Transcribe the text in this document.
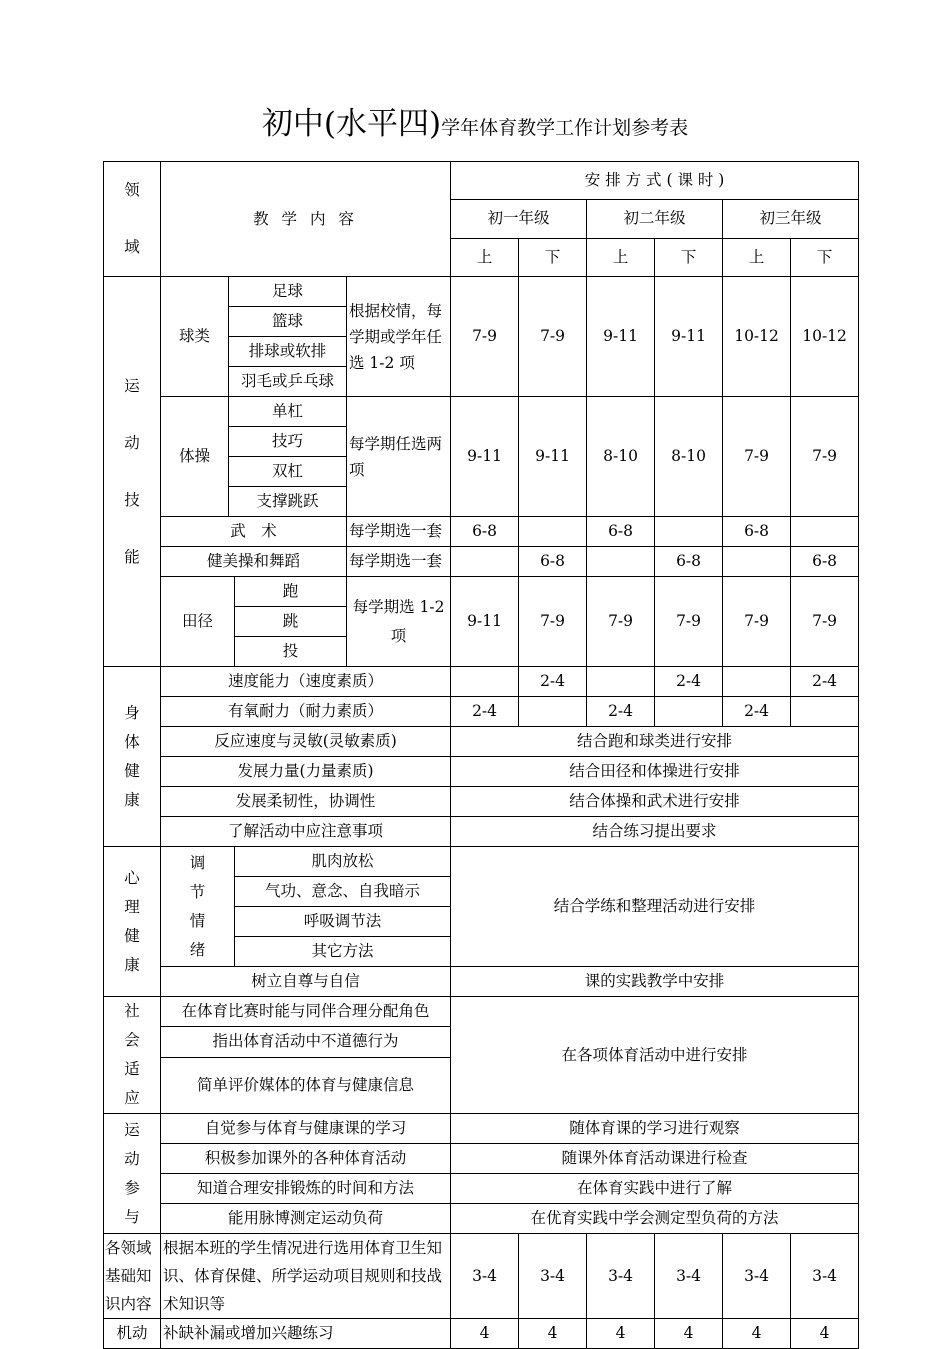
初中(水平四)学年体育教学工作计划参考表
领
域	教 学 内 容				安 排 方 式 ( 课 时 )					
					初一年级		初二年级		初三年级	
					上	下	上	下	上	下

运
动
技
能	球类	足球		根据校情，每学期或学年任选 1-2 项	7-9	7-9	9-11	9-11	10-12	10-12
		篮球								
		排球或软排								
		羽毛或乒乓球								
	体操	单杠		每学期任选两项	9-11	9-11	8-10	8-10	7-9	7-9
		技巧								
		双杠								
		支撑跳跃								
	武　术			每学期选一套	6-8		6-8		6-8	
	健美操和舞蹈			每学期选一套		6-8		6-8		6-8
	田径		跑	每学期选 1-2 项	9-11	7-9	7-9	7-9	7-9	7-9
			跳							
			投							

身
体
健
康	速度能力（速度素质）					2-4		2-4		2-4
	有氧耐力（耐力素质）				2-4		2-4		2-4	
	反应速度与灵敏(灵敏素质)				结合跑和球类进行安排					
	发展力量(力量素质)				结合田径和体操进行安排					
	发展柔韧性，协调性				结合体操和武术进行安排					
	了解活动中应注意事项				结合练习提出要求					

心
理
健
康	调
节
情
绪		肌肉放松		结合学练和整理活动进行安排					
			气功、意念、自我暗示							
			呼吸调节法							
			其它方法							
	树立自尊与自信				课的实践教学中安排					

社
会
适
应	在体育比赛时能与同伴合理分配角色				在各项体育活动中进行安排					
	指出体育活动中不道德行为									
	简单评价媒体的体育与健康信息									

运
动
参
与	自觉参与体育与健康课的学习				随体育课的学习进行观察					
	积极参加课外的各种体育活动				随课外体育活动课进行检查					
	知道合理安排锻炼的时间和方法				在体育实践中进行了解					
	能用脉博测定运动负荷				在优育实践中学会测定型负荷的方法					
各领域基础知识内容	根据本班的学生情况进行选用体育卫生知识、体育保健、所学运动项目规则和技战术知识等				3-4	3-4	3-4	3-4	3-4	3-4
机动	补缺补漏或增加兴趣练习				4	4	4	4	4	4
